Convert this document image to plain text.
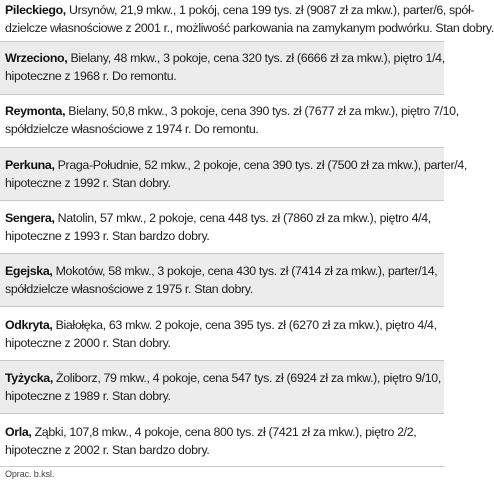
Pileckiego, Ursynów, 21,9 mkw., 1 pokój, cena 199 tys. zł (9087 zł za mkw.), parter/6, spół-
dzielcze własnościowe z 2001 r., możliwość parkowania na zamykanym podwórku. Stan dobry.
Wrzeciono, Bielany, 48 mkw., 3 pokoje, cena 320 tys. zł (6666 zł za mkw.), piętro 1/4,
hipoteczne z 1968 r. Do remontu.
Reymonta, Bielany, 50,8 mkw., 3 pokoje, cena 390 tys. zł (7677 zł za mkw.), piętro 7/10,
spółdzielcze własnościowe z 1974 r. Do remontu.
Perkuna, Praga-Południe, 52 mkw., 2 pokoje, cena 390 tys. zł (7500 zł za mkw.), parter/4,
hipoteczne z 1992 r. Stan dobry.
Sengera, Natolin, 57 mkw., 2 pokoje, cena 448 tys. zł (7860 zł za mkw.), piętro 4/4,
hipoteczne z 1993 r. Stan bardzo dobry.
Egejska, Mokotów, 58 mkw., 3 pokoje, cena 430 tys. zł (7414 zł za mkw.), parter/14,
spółdzielcze własnościowe z 1975 r. Stan dobry.
Odkryta, Białołęka, 63 mkw. 2 pokoje, cena 395 tys. zł (6270 zł za mkw.), piętro 4/4,
hipoteczne z 2000 r. Stan dobry.
Tyżycka, Żoliborz, 79 mkw., 4 pokoje, cena 547 tys. zł (6924 zł za mkw.), piętro 9/10,
hipoteczne z 1989 r. Stan dobry.
Orla, Ząbki, 107,8 mkw., 4 pokoje, cena 800 tys. zł (7421 zł za mkw.), piętro 2/2,
hipoteczne z 2002 r. Stan bardzo dobry.
Oprac. b.ksl.
